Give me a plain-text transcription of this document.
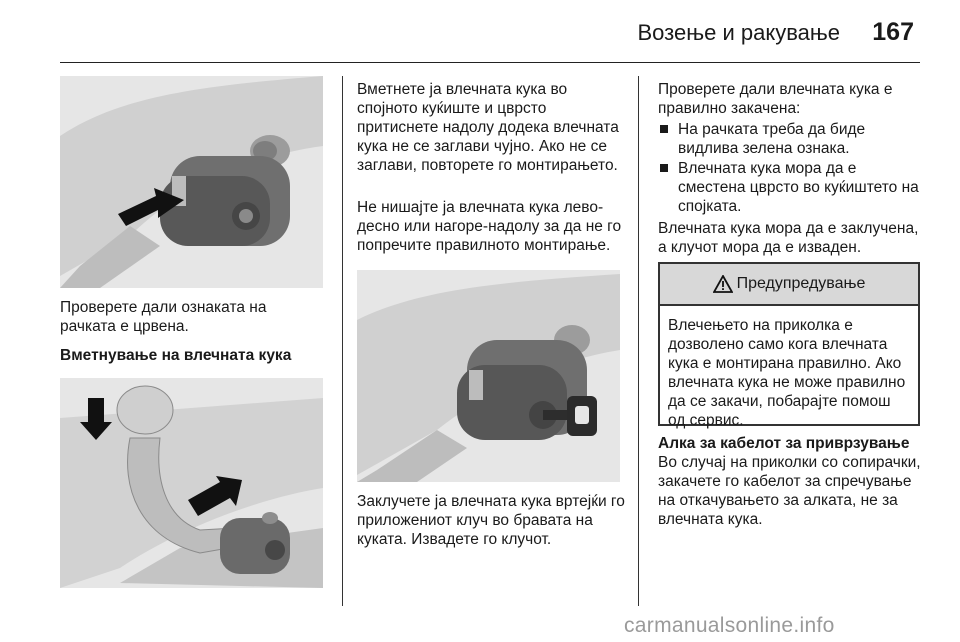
Возење и ракување 167

Проверете дали ознаката на рачката е црвена.

Вметнување на влечната кука

Вметнете ја влечната кука во спојното куќиште и цврсто притиснете надолу додека влечната кука не се заглави чујно. Ако не се заглави, повторете го монтирањето.

Не нишајте ја влечната кука лево-десно или нагоре-надолу за да не го попречите правилното монтирање.

Заклучете ја влечната кука вртејќи го приложениот клуч во бравата на куката. Извадете го клучот.

Проверете дали влечната кука е правилно закачена:

На рачката треба да биде видлива зелена ознака.
Влечната кука мора да е сместена цврсто во куќиштето на спојката.

Влечната кука мора да е заклучена, а клучот мора да е изваден.

Предупредување
Влечењето на приколка е дозволено само кога влечната кука е монтирана правилно. Ако влечната кука не може правилно да се закачи, побарајте помош од сервис.

Алка за кабелот за приврзување

Во случај на приколки со сопирачки, закачете го кабелот за спречување на откачувањето за алката, не за влечната кука.

carmanualsonline.info
